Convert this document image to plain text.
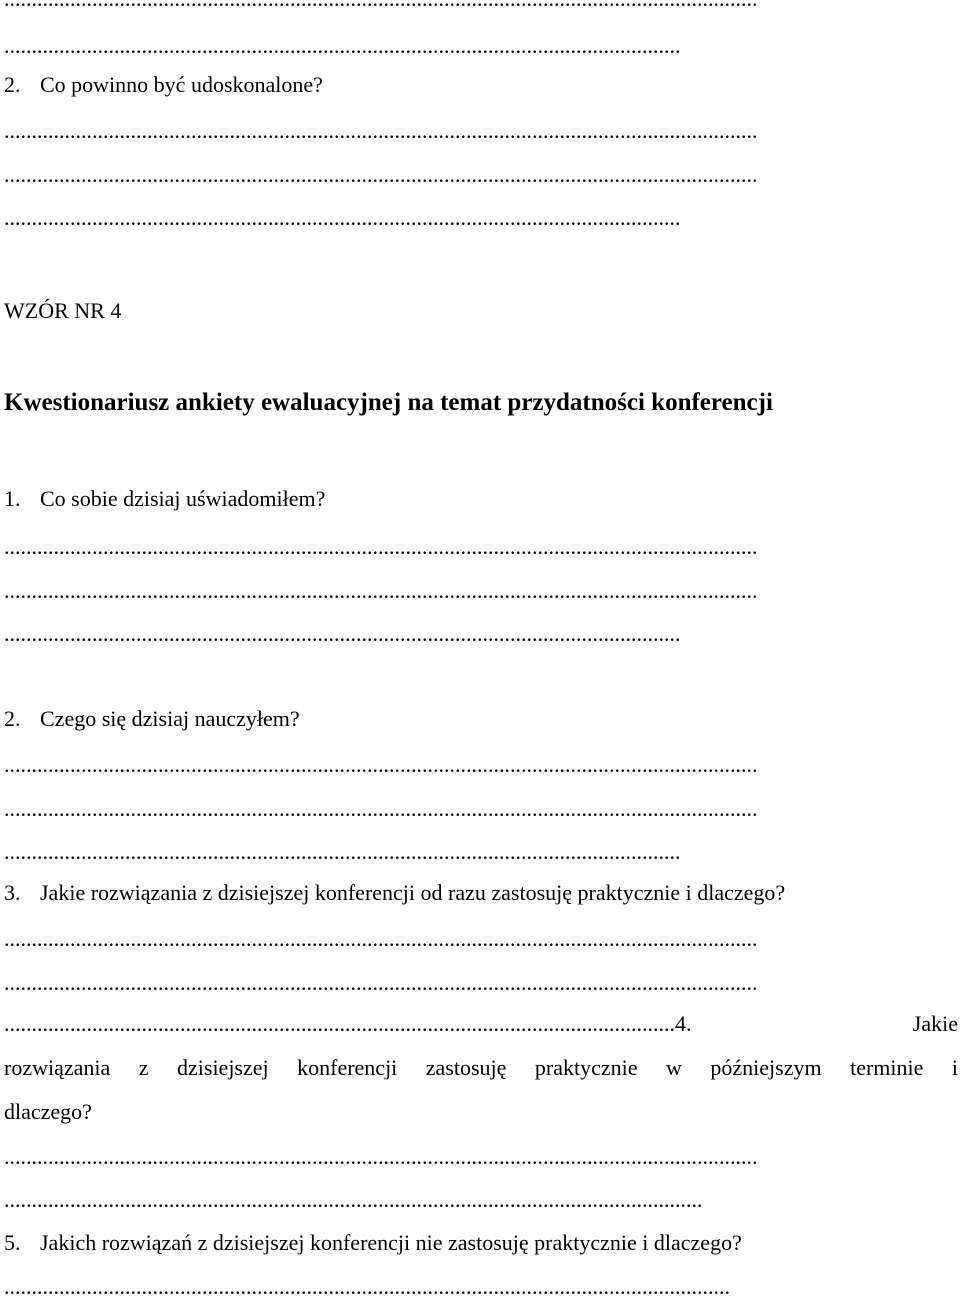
...........................................................................................................................
2. Co powinno być udoskonalone?
.........................................................................................................................................
.........................................................................................................................................
...........................................................................................................................
WZÓR NR 4
Kwestionariusz ankiety ewaluacyjnej na temat przydatności konferencji
1. Co sobie dzisiaj uświadomiłem?
.........................................................................................................................................
.........................................................................................................................................
...........................................................................................................................
2. Czego się dzisiaj nauczyłem?
.........................................................................................................................................
.........................................................................................................................................
...........................................................................................................................
3. Jakie rozwiązania z dzisiejszej konferencji od razu zastosuję praktycznie i dlaczego?
.........................................................................................................................................
.........................................................................................................................................
..........................................................................................................................4.	Jakie
rozwiązania z dzisiejszej konferencji zastosuję praktycznie w późniejszym terminie i
dlaczego?
.........................................................................................................................................
...............................................................................................................................
5. Jakich rozwiązań z dzisiejszej konferencji nie zastosuję praktycznie i dlaczego?
....................................................................................................................................
